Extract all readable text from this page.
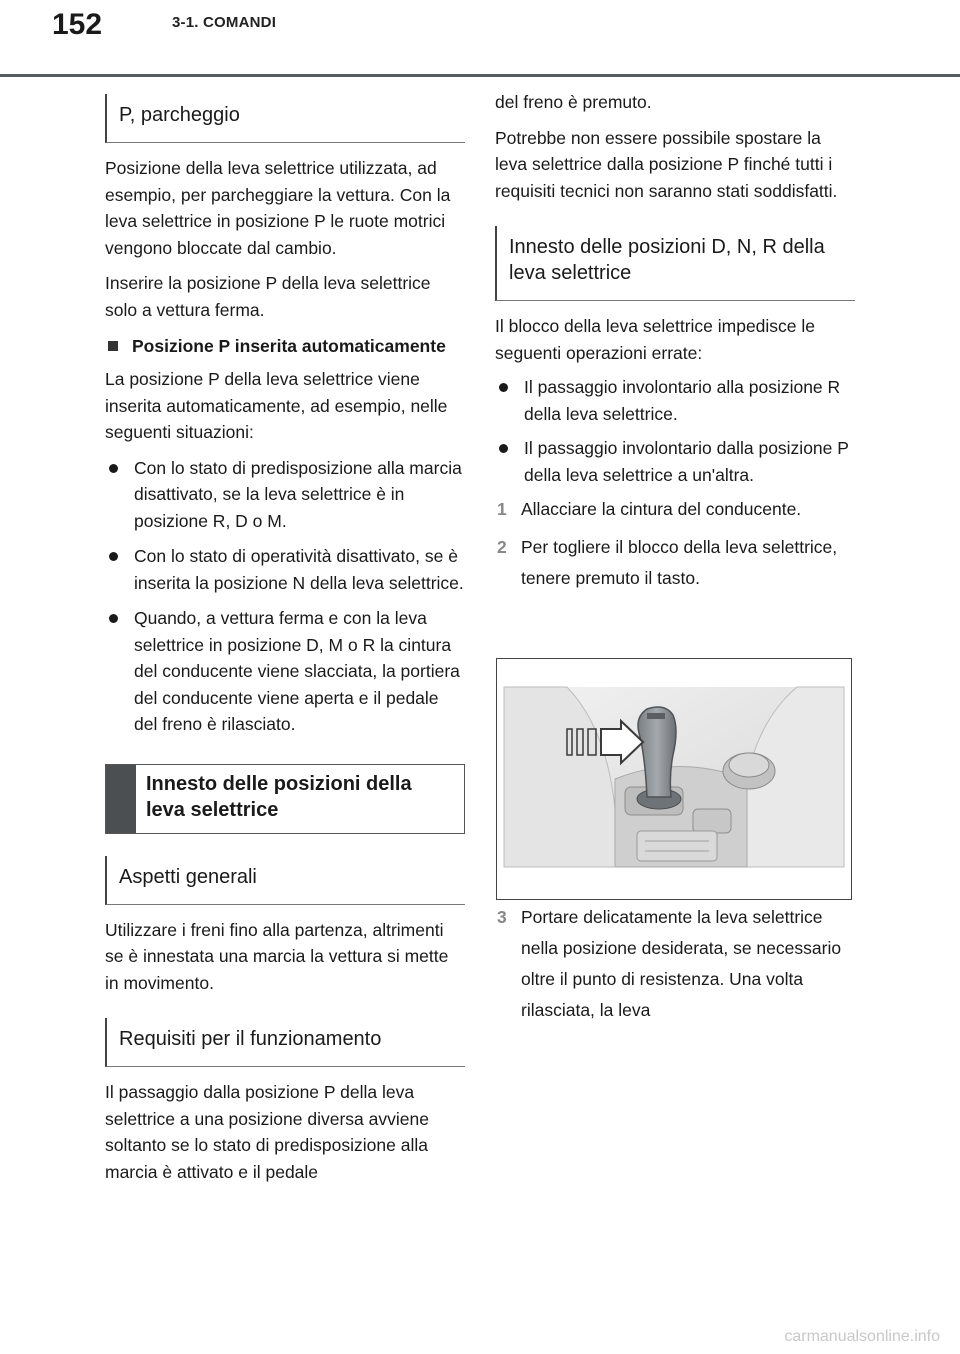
152	3-1. COMANDI
P, parcheggio

Posizione della leva selettrice utilizzata, ad esempio, per parcheggiare la vettura. Con la leva selettrice in posizione P le ruote motrici vengono bloccate dal cambio.

Inserire la posizione P della leva selettrice solo a vettura ferma.

Posizione P inserita automaticamente

La posizione P della leva selettrice viene inserita automaticamente, ad esempio, nelle seguenti situazioni:

Con lo stato di predisposizione alla marcia disattivato, se la leva selettrice è in posizione R, D o M.
Con lo stato di operatività disattivato, se è inserita la posizione N della leva selettrice.
Quando, a vettura ferma e con la leva selettrice in posizione D, M o R la cintura del conducente viene slacciata, la portiera del conducente viene aperta e il pedale del freno è rilasciato.
Innesto delle posizioni della leva selettrice
Aspetti generali

Utilizzare i freni fino alla partenza, altrimenti se è innestata una marcia la vettura si mette in movimento.

Requisiti per il funzionamento

Il passaggio dalla posizione P della leva selettrice a una posizione diversa avviene soltanto se lo stato di predisposizione alla marcia è attivato e il pedale

del freno è premuto.

Potrebbe non essere possibile spostare la leva selettrice dalla posizione P finché tutti i requisiti tecnici non saranno stati soddisfatti.

Innesto delle posizioni D, N, R della leva selettrice

Il blocco della leva selettrice impedisce le seguenti operazioni errate:

Il passaggio involontario alla posizione R della leva selettrice.
Il passaggio involontario dalla posizione P della leva selettrice a un'altra.
1 Allacciare la cintura del conducente.
2 Per togliere il blocco della leva selettrice, tenere premuto il tasto.
3 Portare delicatamente la leva selettrice nella posizione desiderata, se necessario oltre il punto di resistenza. Una volta rilasciata, la leva
carmanualsonline.info
